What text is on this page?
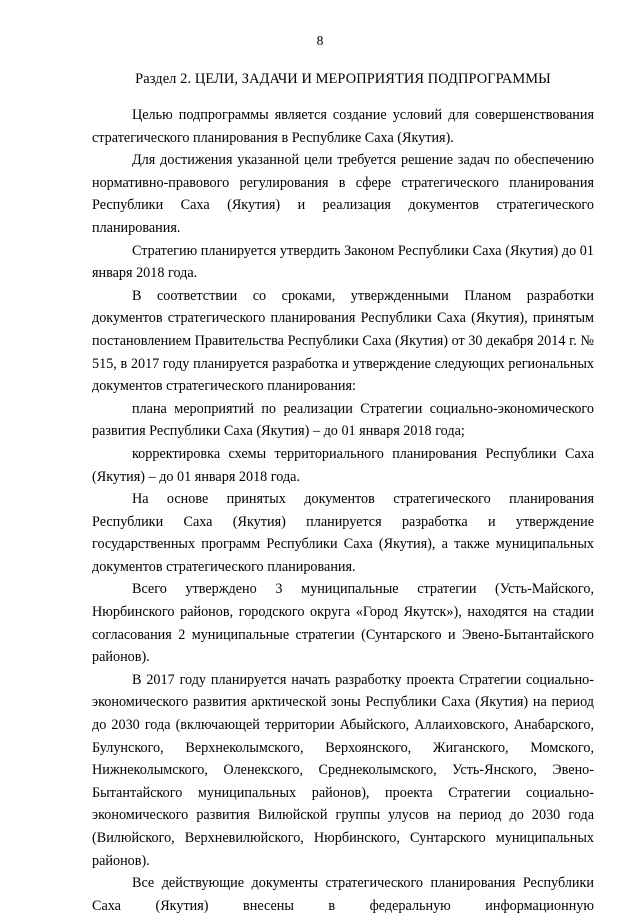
8
Раздел 2. ЦЕЛИ, ЗАДАЧИ И МЕРОПРИЯТИЯ ПОДПРОГРАММЫ

Целью подпрограммы является создание условий для совершенствования стратегического планирования в Республике Саха (Якутия).

Для достижения указанной цели требуется решение задач по обеспечению нормативно-правового регулирования в сфере стратегического планирования Республики Саха (Якутия) и реализация документов стратегического планирования.

Стратегию планируется утвердить Законом Республики Саха (Якутия) до 01 января 2018 года.

В соответствии со сроками, утвержденными Планом разработки документов стратегического планирования Республики Саха (Якутия), принятым постановлением Правительства Республики Саха (Якутия) от 30 декабря 2014 г. № 515, в 2017 году планируется разработка и утверждение следующих региональных документов стратегического планирования:

плана мероприятий по реализации Стратегии социально-экономического развития Республики Саха (Якутия) – до 01 января 2018 года;

корректировка схемы территориального планирования Республики Саха (Якутия) – до 01 января 2018 года.

На основе принятых документов стратегического планирования Республики Саха (Якутия) планируется разработка и утверждение государственных программ Республики Саха (Якутия), а также муниципальных документов стратегического планирования.

Всего утверждено 3 муниципальные стратегии (Усть-Майского, Нюрбинского районов, городского округа «Город Якутск»), находятся на стадии согласования 2 муниципальные стратегии (Сунтарского и Эвено-Бытантайского районов).

В 2017 году планируется начать разработку проекта Стратегии социально-экономического развития арктической зоны Республики Саха (Якутия) на период до 2030 года (включающей территории Абыйского, Аллаиховского, Анабарского, Булунского, Верхнеколымского, Верхоянского, Жиганского, Момского, Нижнеколымского, Оленекского, Среднеколымского, Усть-Янского, Эвено-Бытантайского муниципальных районов), проекта Стратегии социально-экономического развития Вилюйской группы улусов на период до 2030 года (Вилюйского, Верхневилюйского, Нюрбинского, Сунтарского муниципальных районов).

Все действующие документы стратегического планирования Республики Саха (Якутия) внесены в федеральную информационную
